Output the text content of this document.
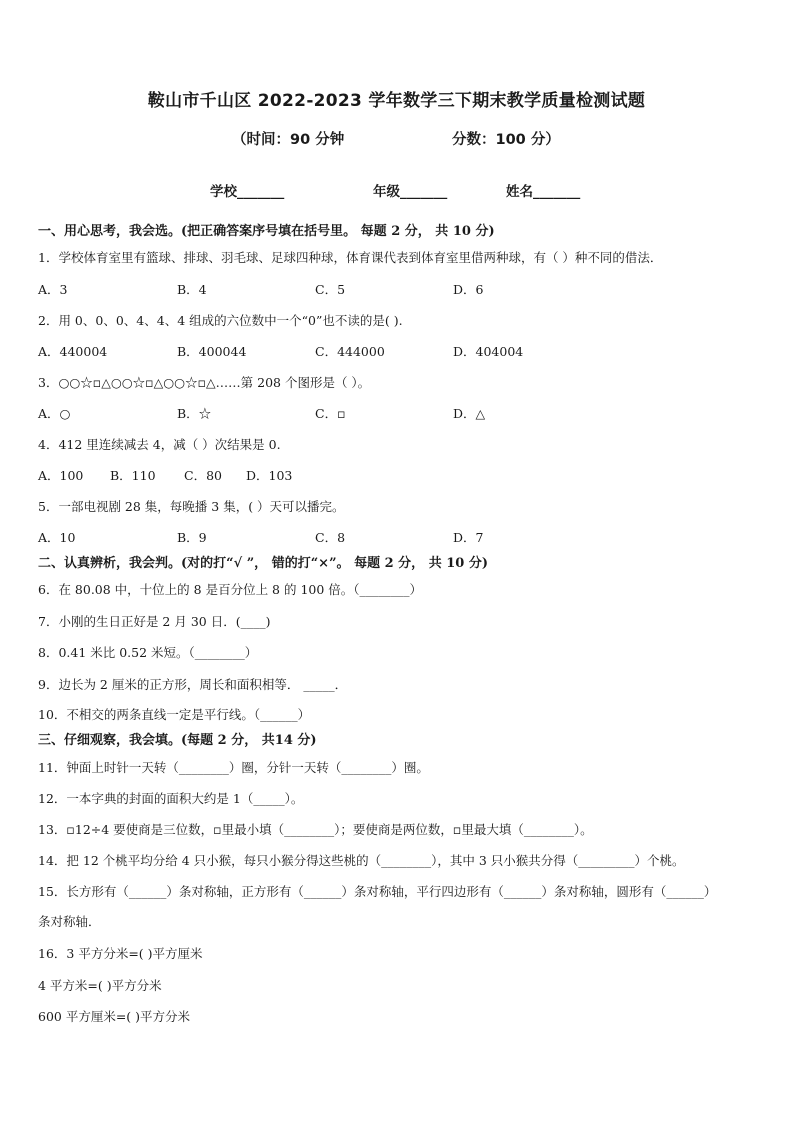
鞍山市千山区 2022-2023 学年数学三下期末教学质量检测试题
（时间：90 分钟	分数：100 分）
学校_______	年级_______	姓名_______
一、用心思考，我会选。(把正确答案序号填在括号里。 每题 2 分， 共 10 分)
1．学校体育室里有篮球、排球、羽毛球、足球四种球，体育课代表到体育室里借两种球，有（ ）种不同的借法．
A．3	B．4	C．5	D．6
2．用 0、0、0、4、4、4 组成的六位数中一个“0”也不读的是( ).
A．440004	B．400044	C．444000	D．404004
3．○○☆▫△○○☆▫△○○☆▫△……第 208 个图形是（ ）。
A．○	B．☆	C．▫	D．△
4．412 里连续减去 4，减（ ）次结果是 0.
A．100 B．110 C．80 D．103
5．一部电视剧 28 集，每晚播 3 集，( ）天可以播完。
A．10	B．9	C．8	D．7
二、认真辨析，我会判。(对的打“√ ”， 错的打“×”。 每题 2 分， 共 10 分)
6．在 80.08 中，十位上的 8 是百分位上 8 的 100 倍。（________）
7．小刚的生日正好是 2 月 30 日．(____)
8．0.41 米比 0.52 米短。（________）
9．边长为 2 厘米的正方形，周长和面积相等． _____．
10．不相交的两条直线一定是平行线。（______）
三、仔细观察，我会填。(每题 2 分， 共14 分)
11．钟面上时针一天转（________）圈，分针一天转（________）圈。
12．一本字典的封面的面积大约是 1（_____）。
13．▫12÷4 要使商是三位数，▫里最小填（________）；要使商是两位数，▫里最大填（________）。
14．把 12 个桃平均分给 4 只小猴，每只小猴分得这些桃的（________），其中 3 只小猴共分得（_________）个桃。
15．长方形有（______）条对称轴，正方形有（______）条对称轴，平行四边形有（______）条对称轴，圆形有（______）
条对称轴．
16．3 平方分米=( )平方厘米
4 平方米=( )平方分米
600 平方厘米=( )平方分米
